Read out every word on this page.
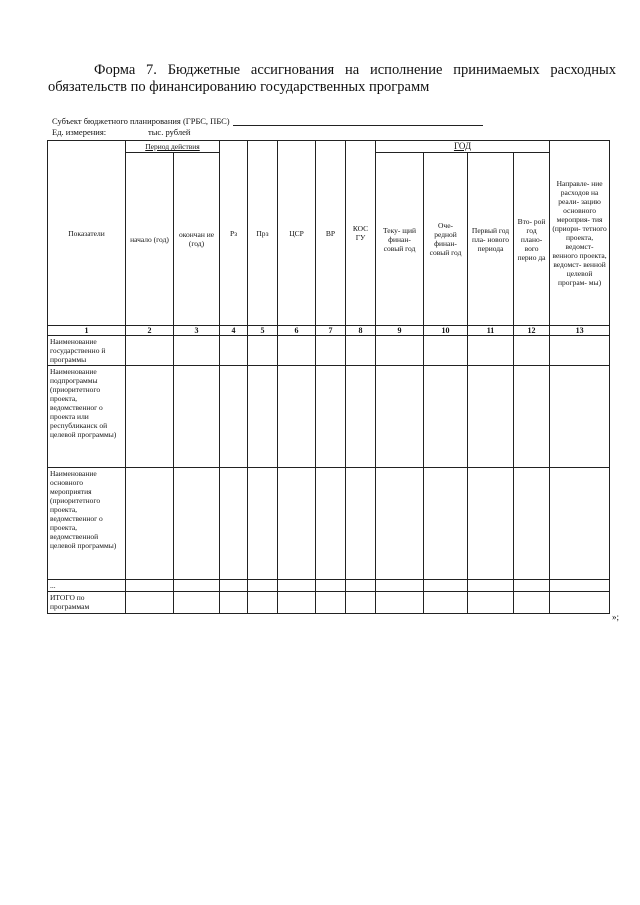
Форма 7. Бюджетные ассигнования на исполнение принимаемых расходных обязательств по финансированию государственных программ
Субъект бюджетного планирования (ГРБС, ПБС)
Ед. измерения:	тыс. рублей
Показатели	Период действия		Рз	Прз	ЦСР	ВР	КОС ГУ	ГОД				Направле- ние расходов на реали- зацию основного мероприя- тия (приори- тетного проекта, ведомст- венного проекта, ведомст- венной целевой програм- мы)
	начало (год)	окончан ие (год)						Теку- щий финан- совый год	Оче- редной финан- совый год	Первый год пла- нового периода	Вто- рой год плано- вого перио да	
1	2	3	4	5	6	7	8	9	10	11	12	13
Наименование государственно й программы												
Наименование подпрограммы (приоритетного проекта, ведомственног о проекта или республиканск ой целевой программы)												
Наименование основного мероприятия (приоритетного проекта, ведомственног о проекта, ведомственной целевой программы)												
...												
ИТОГО по программам												
»;
